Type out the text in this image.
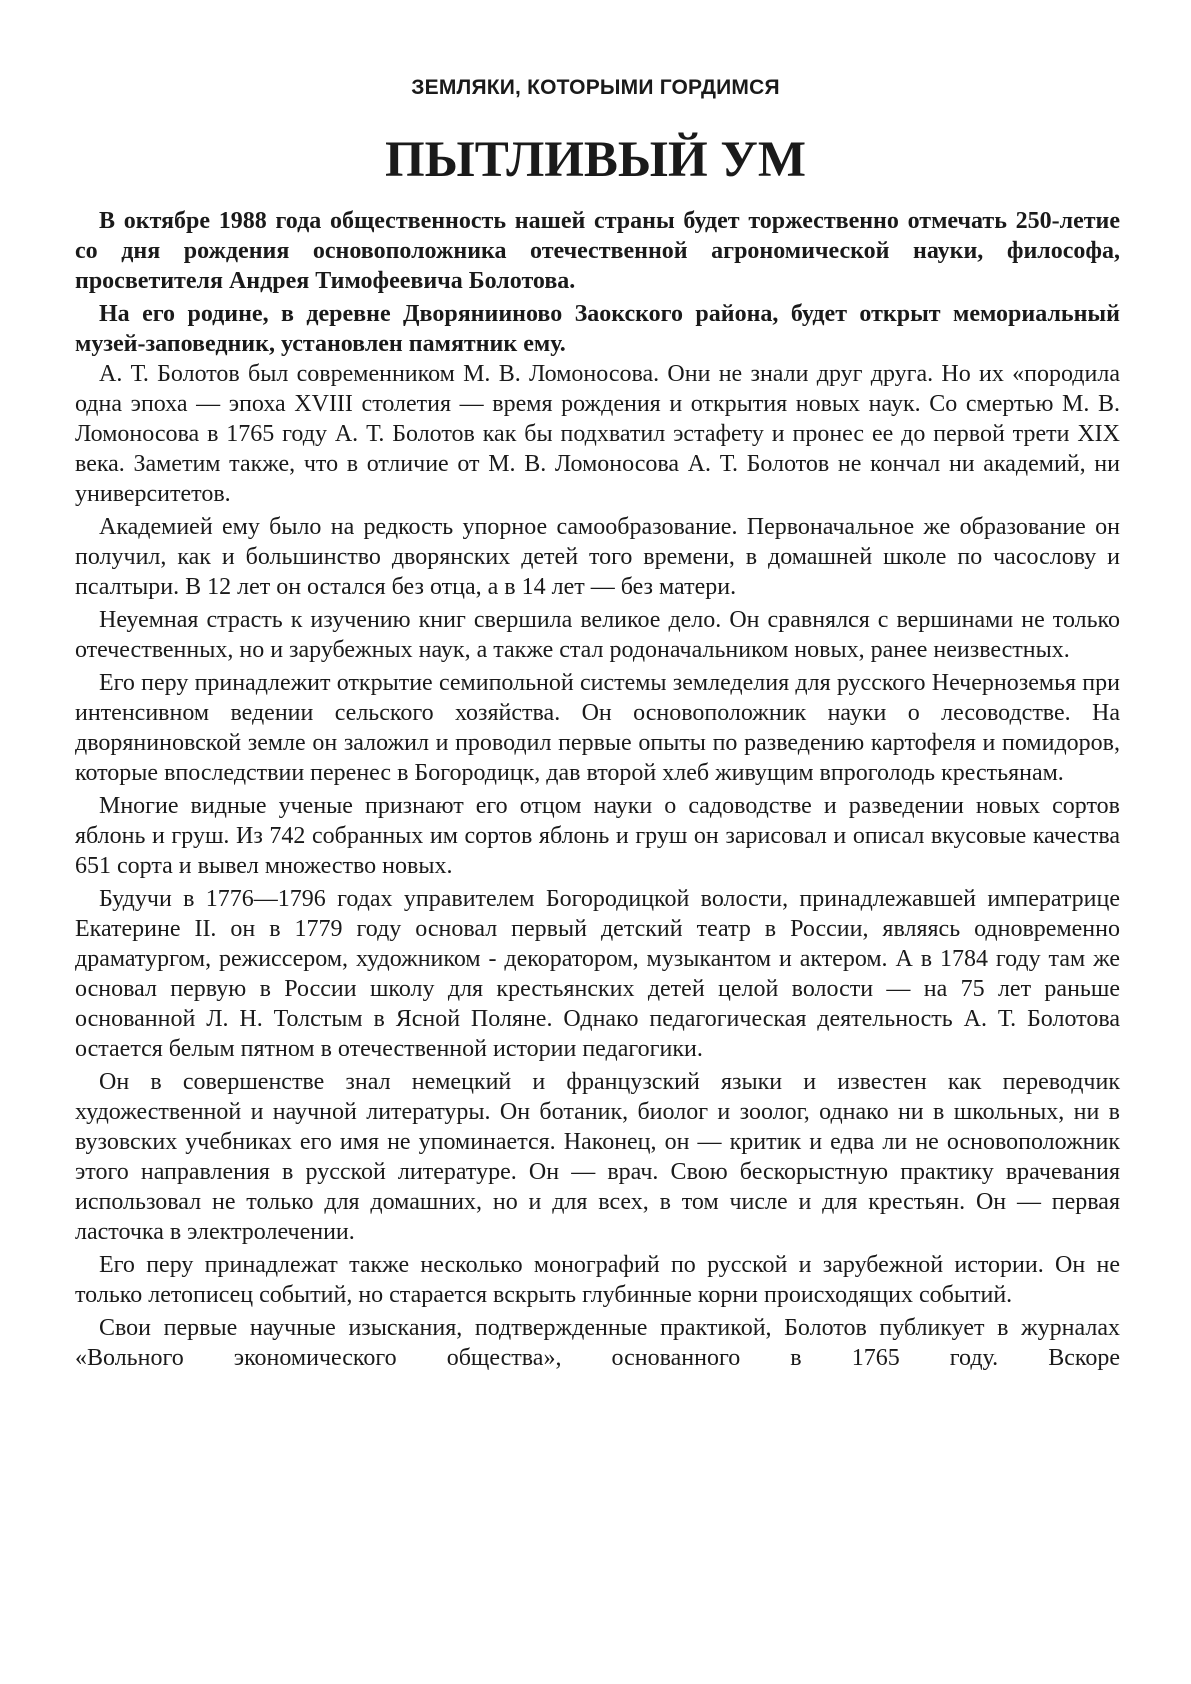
ЗЕМЛЯКИ, КОТОРЫМИ ГОРДИМСЯ
ПЫТЛИВЫЙ УМ

В октябре 1988 года общественность нашей страны будет торжественно отмечать 250-летие со дня рождения основоположника отечественной агрономической науки, философа, просветителя Андрея Тимофеевича Болотова.

На его родине, в деревне Дворянииново Заокского района, будет открыт мемориальный музей-заповедник, установлен памятник ему.

А. Т. Болотов был современником М. В. Ломоносова. Они не знали друг друга. Но их «породила одна эпоха — эпоха XVIII столетия — время рождения и открытия новых наук. Со смертью М. В. Ломоносова в 1765 году А. Т. Болотов как бы подхватил эстафету и пронес ее до первой трети XIX века. Заметим также, что в отличие от М. В. Ломоносова А. Т. Болотов не кончал ни академий, ни университетов.

Академией ему было на редкость упорное самообразование. Первоначальное же образование он получил, как и большинство дворянских детей того времени, в домашней школе по часослову и псалтыри. В 12 лет он остался без отца, а в 14 лет — без матери.

Неуемная страсть к изучению книг свершила великое дело. Он сравнялся с вершинами не только отечественных, но и зарубежных наук, а также стал родоначальником новых, ранее неизвестных.

Его перу принадлежит открытие семипольной системы земледелия для русского Нечерноземья при интенсивном ведении сельского хозяйства. Он основоположник науки о лесоводстве. На дворяниновской земле он заложил и проводил первые опыты по разведению картофеля и помидоров, которые впоследствии перенес в Богородицк, дав второй хлеб живущим впроголодь крестьянам.

Многие видные ученые признают его отцом науки о садоводстве и разведении новых сортов яблонь и груш. Из 742 собранных им сортов яблонь и груш он зарисовал и описал вкусовые качества 651 сорта и вывел множество новых.

Будучи в 1776—1796 годах управителем Богородицкой волости, принадлежавшей императрице Екатерине II. он в 1779 году основал первый детский театр в России, являясь одновременно драматургом, режиссером, художником - декоратором, музыкантом и актером. А в 1784 году там же основал первую в России школу для крестьянских детей целой волости — на 75 лет раньше основанной Л. Н. Толстым в Ясной Поляне. Однако педагогическая деятельность А. Т. Болотова остается белым пятном в отечественной истории педагогики.

Он в совершенстве знал немецкий и французский языки и известен как переводчик художественной и научной литературы. Он ботаник, биолог и зоолог, однако ни в школьных, ни в вузовских учебниках его имя не упоминается. Наконец, он — критик и едва ли не основоположник этого направления в русской литературе. Он — врач. Свою бескорыстную практику врачевания использовал не только для домашних, но и для всех, в том числе и для крестьян. Он — первая ласточка в электролечении.

Его перу принадлежат также несколько монографий по русской и зарубежной истории. Он не только летописец событий, но старается вскрыть глубинные корни происходящих событий.

Свои первые научные изыскания, подтвержденные практикой, Болотов публикует в журналах «Вольного экономического общества», основанного в 1765 году. Вскоре
